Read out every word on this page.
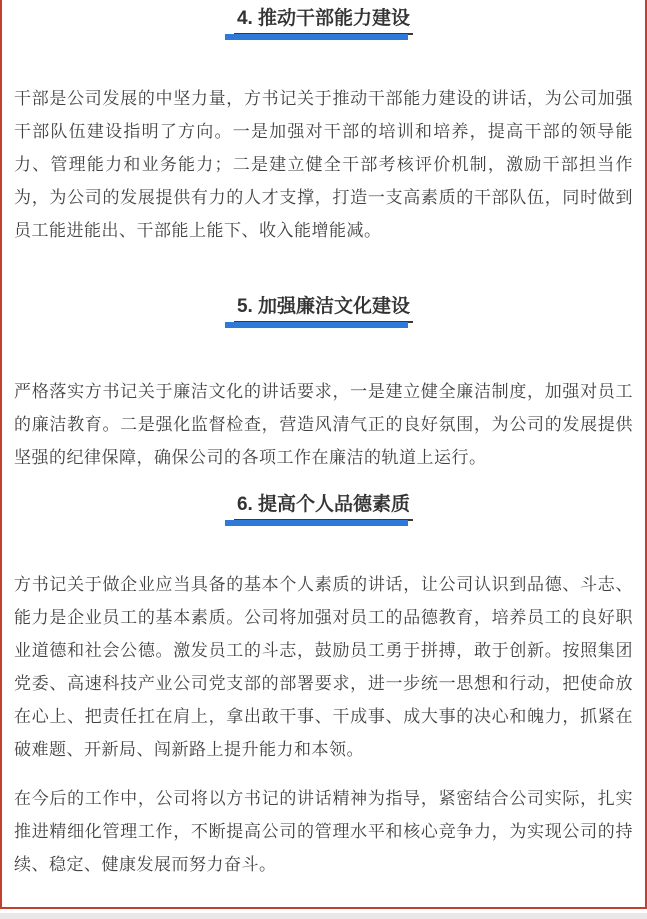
4. 推动干部能力建设

干部是公司发展的中坚力量，方书记关于推动干部能力建设的讲话，为公司加强干部队伍建设指明了方向。一是加强对干部的培训和培养，提高干部的领导能力、管理能力和业务能力；二是建立健全干部考核评价机制，激励干部担当作为，为公司的发展提供有力的人才支撑，打造一支高素质的干部队伍，同时做到员工能进能出、干部能上能下、收入能增能减。

5. 加强廉洁文化建设

严格落实方书记关于廉洁文化的讲话要求，一是建立健全廉洁制度，加强对员工的廉洁教育。二是强化监督检查，营造风清气正的良好氛围，为公司的发展提供坚强的纪律保障，确保公司的各项工作在廉洁的轨道上运行。

6. 提高个人品德素质

方书记关于做企业应当具备的基本个人素质的讲话，让公司认识到品德、斗志、能力是企业员工的基本素质。公司将加强对员工的品德教育，培养员工的良好职业道德和社会公德。激发员工的斗志，鼓励员工勇于拼搏，敢于创新。按照集团党委、高速科技产业公司党支部的部署要求，进一步统一思想和行动，把使命放在心上、把责任扛在肩上，拿出敢干事、干成事、成大事的决心和魄力，抓紧在破难题、开新局、闯新路上提升能力和本领。

在今后的工作中，公司将以方书记的讲话精神为指导，紧密结合公司实际，扎实推进精细化管理工作，不断提高公司的管理水平和核心竞争力，为实现公司的持续、稳定、健康发展而努力奋斗。
